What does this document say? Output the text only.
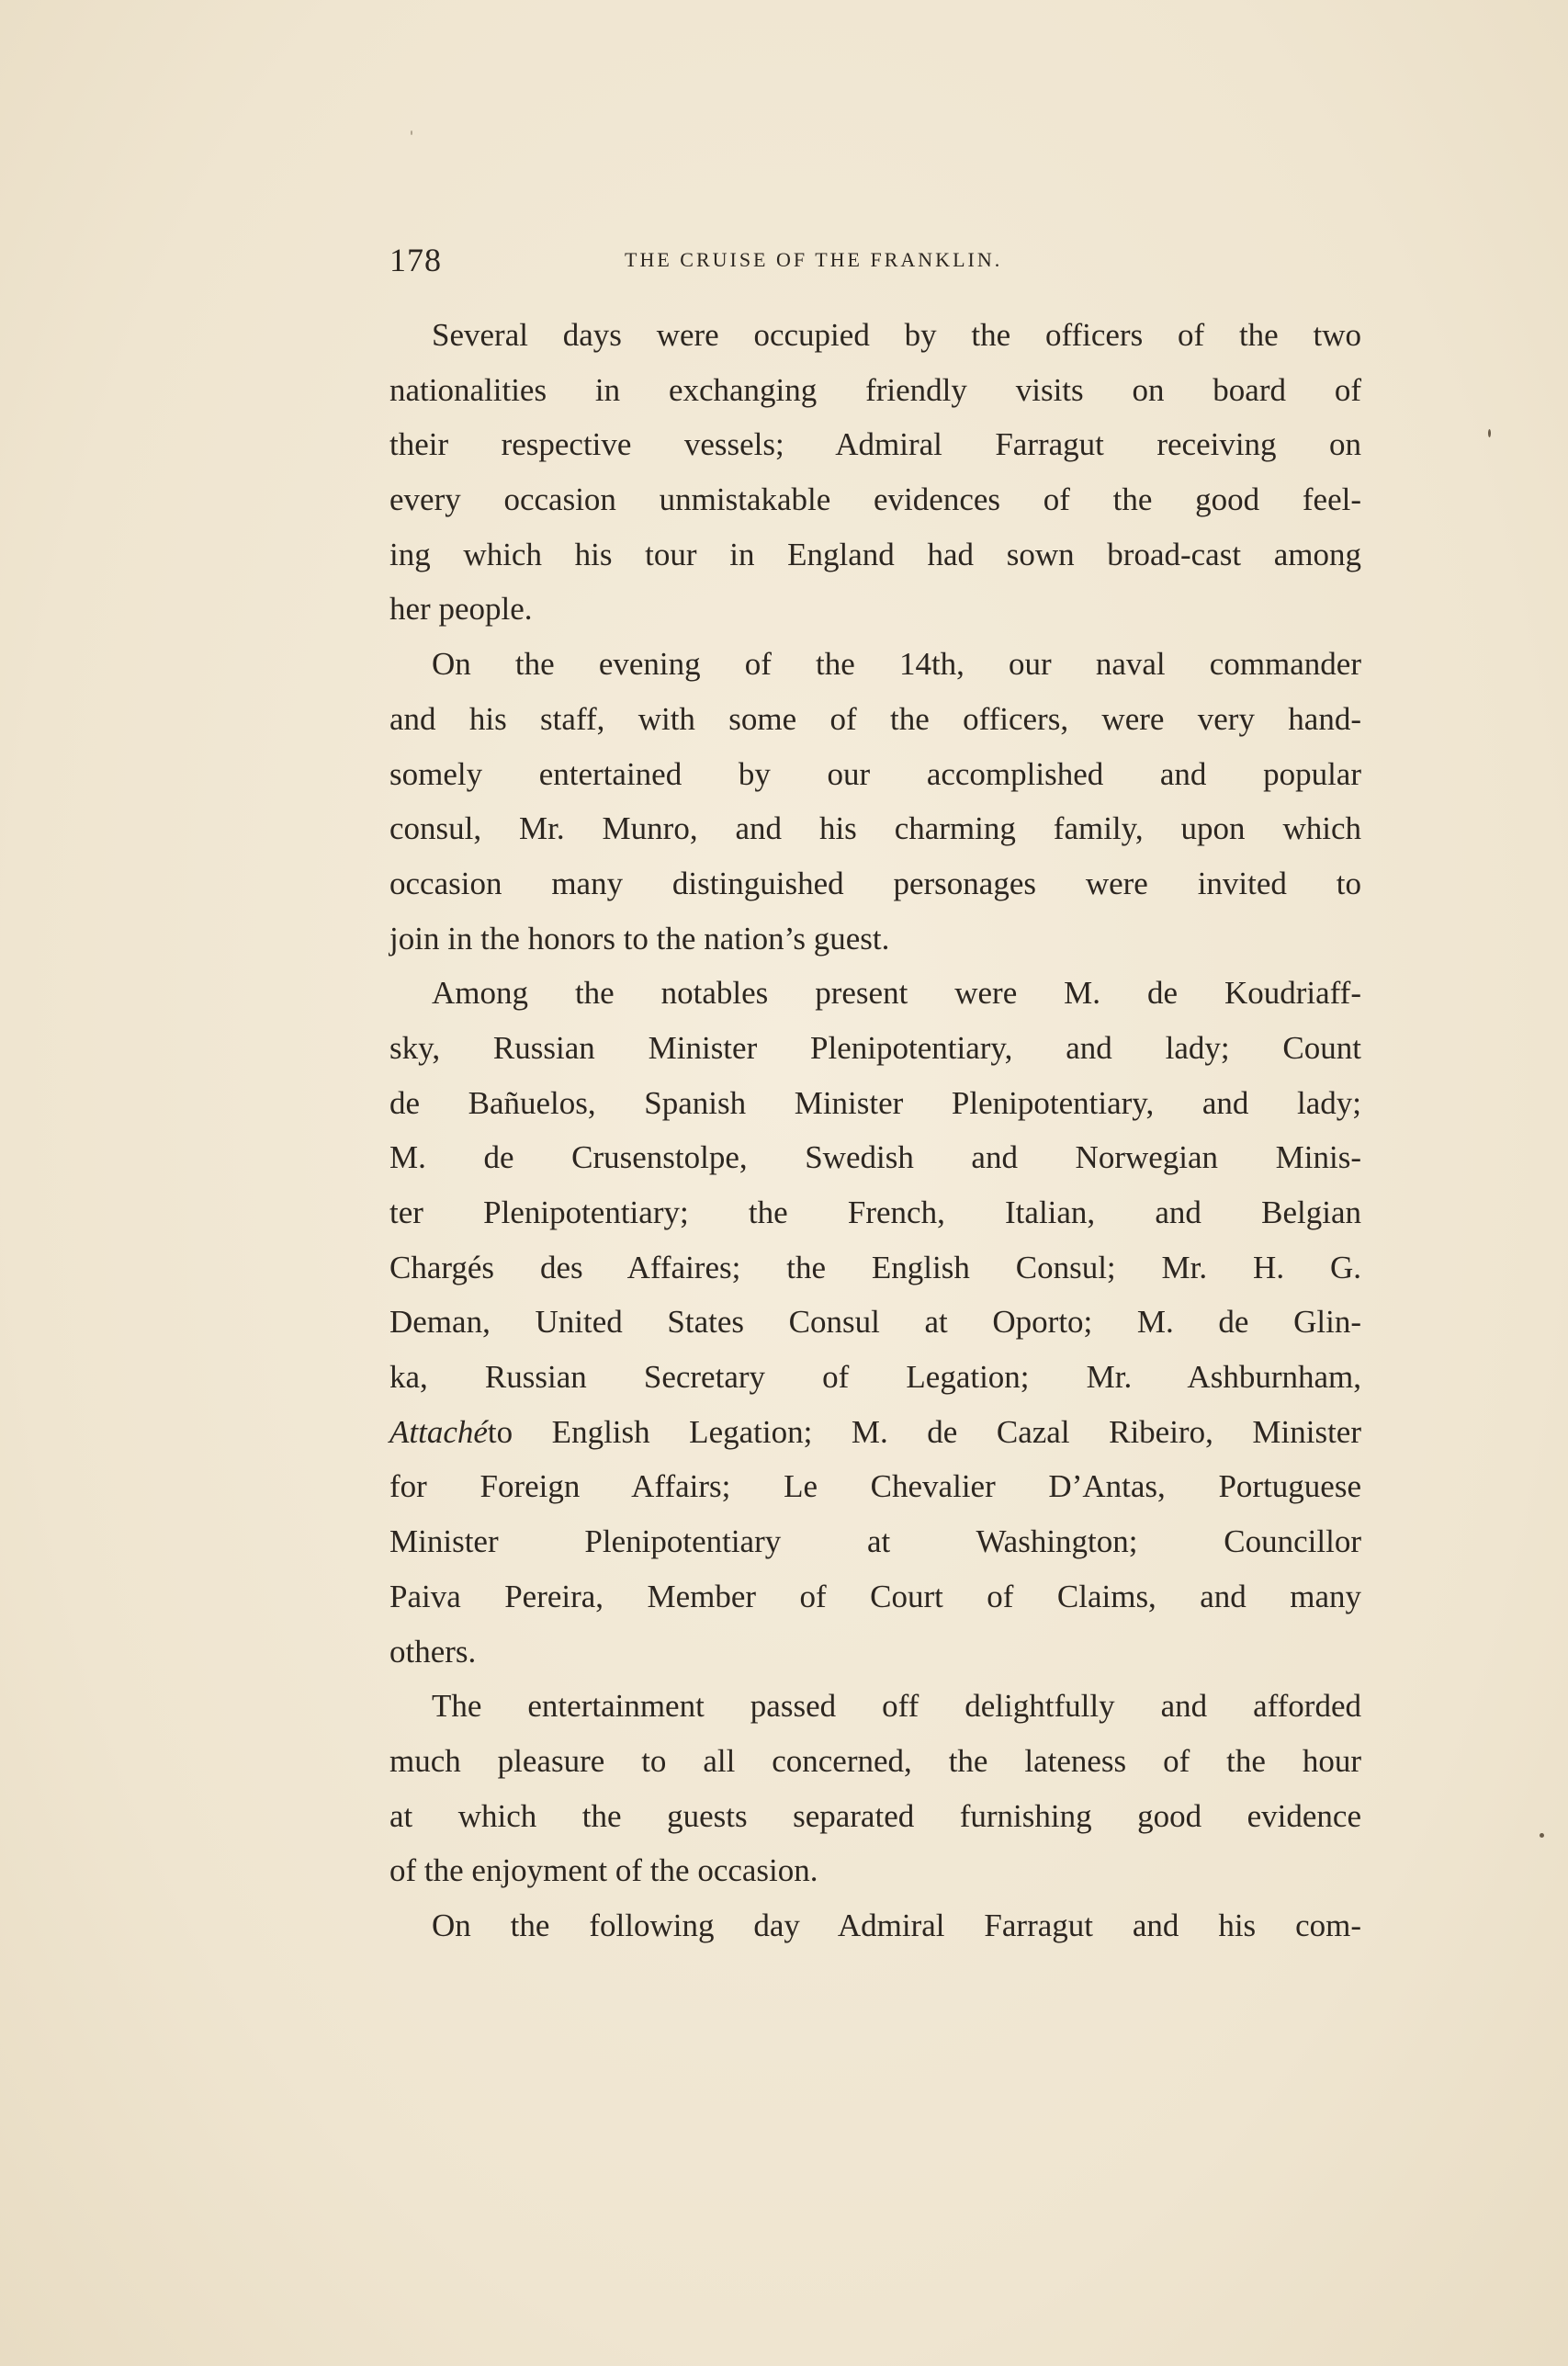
178	THE CRUISE OF THE FRANKLIN.
Several days were occupied by the officers of the two
nationalities in exchanging friendly visits on board of
their respective vessels; Admiral Farragut receiving on
every occasion unmistakable evidences of the good feel-
ing which his tour in England had sown broad-cast among
her people.
On the evening of the 14th, our naval commander
and his staff, with some of the officers, were very hand-
somely entertained by our accomplished and popular
consul, Mr. Munro, and his charming family, upon which
occasion many distinguished personages were invited to
join in the honors to the nation’s guest.
Among the notables present were M. de Koudriaff-
sky, Russian Minister Plenipotentiary, and lady; Count
de Bañuelos, Spanish Minister Plenipotentiary, and lady;
M. de Crusenstolpe, Swedish and Norwegian Minis-
ter Plenipotentiary; the French, Italian, and Belgian
Chargés des Affaires; the English Consul; Mr. H. G.
Deman, United States Consul at Oporto; M. de Glin-
ka, Russian Secretary of Legation; Mr. Ashburnham,
Attachéto English Legation; M. de Cazal Ribeiro, Minister
for Foreign Affairs; Le Chevalier D’Antas, Portuguese
Minister Plenipotentiary at Washington; Councillor
Paiva Pereira, Member of Court of Claims, and many
others.
The entertainment passed off delightfully and afforded
much pleasure to all concerned, the lateness of the hour
at which the guests separated furnishing good evidence
of the enjoyment of the occasion.
On the following day Admiral Farragut and his com-
